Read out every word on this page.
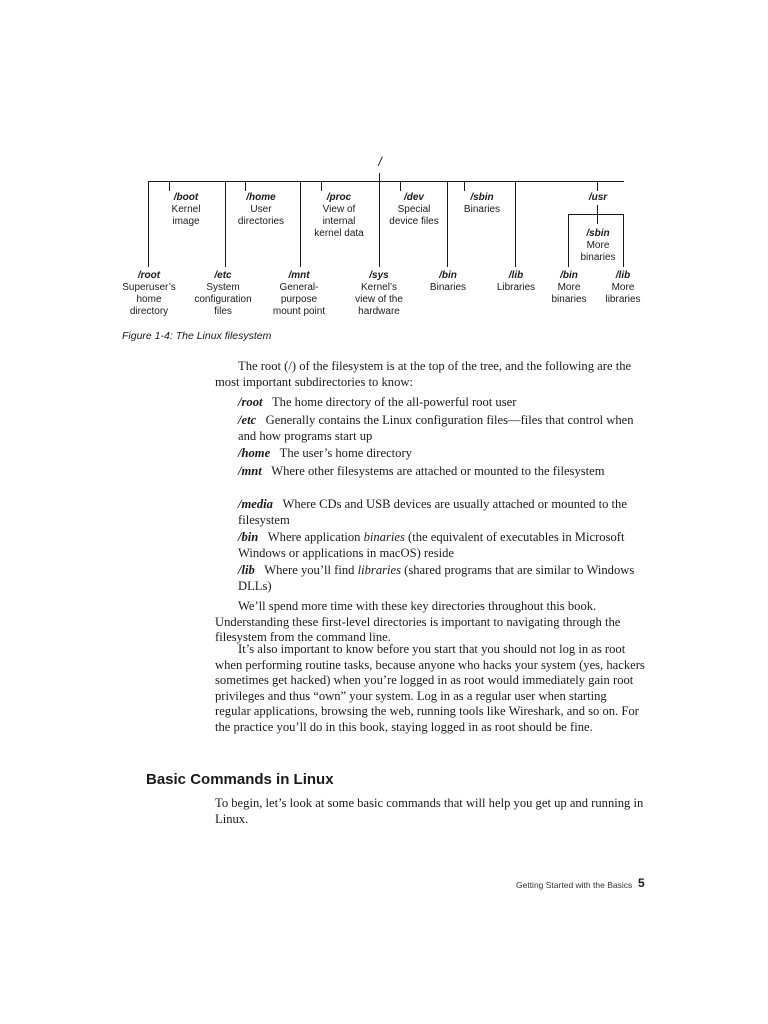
/
/boot
Kernel
image
/home
User
directories
/proc
View of
internal
kernel data
/dev
Special
device files
/sbin
Binaries
/usr
/sbin
More
binaries
/root
Superuser’s
home
directory
/etc
System
configuration
files
/mnt
General-
purpose
mount point
/sys
Kernel’s
view of the
hardware
/bin
Binaries
/lib
Libraries
/bin
More
binaries
/lib
More
libraries
Figure 1-4: The Linux filesystem
The root (/) of the filesystem is at the top of the tree, and the following are the most important subdirectories to know:
/root The home directory of the all-powerful root user
/etc Generally contains the Linux configuration files—files that control when and how programs start up
/home The user’s home directory
/mnt Where other filesystems are attached or mounted to the filesystem
/media Where CDs and USB devices are usually attached or mounted to the filesystem
/bin Where application binaries (the equivalent of executables in Microsoft Windows or applications in macOS) reside
/lib Where you’ll find libraries (shared programs that are similar to Windows DLLs)
We’ll spend more time with these key directories throughout this book. Understanding these first-level directories is important to navigating through the filesystem from the command line.
It’s also important to know before you start that you should not log in as root when performing routine tasks, because anyone who hacks your system (yes, hackers sometimes get hacked) when you’re logged in as root would immediately gain root privileges and thus “own” your system. Log in as a regular user when starting regular applications, browsing the web, running tools like Wireshark, and so on. For the practice you’ll do in this book, staying logged in as root should be fine.
Basic Commands in Linux
To begin, let’s look at some basic commands that will help you get up and running in Linux.
Getting Started with the Basics 5
